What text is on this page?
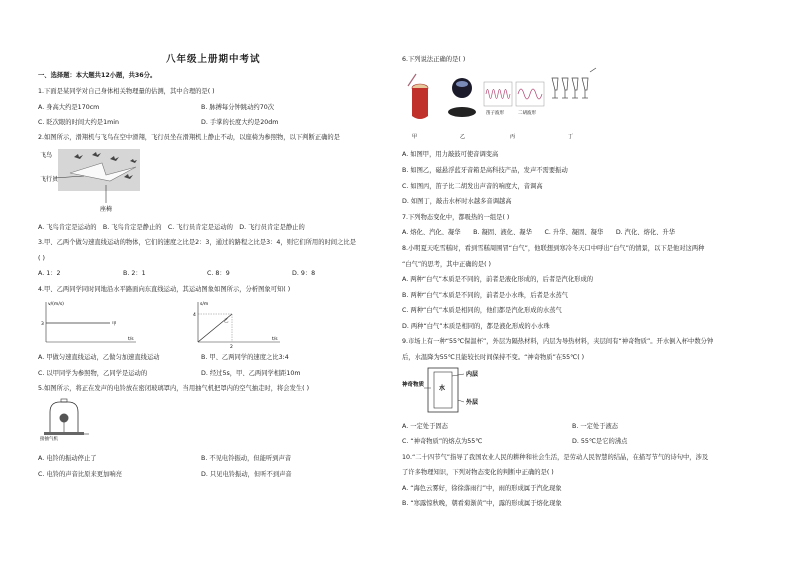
八年级上册期中考试
一、选择题：本大题共12小题，共36分。
1.下面是某同学对自己身体相关物理量的估测，其中合理的是( )
A. 身高大约是170cm	B. 脉搏每分钟跳动约70次
C. 眨次眼的时间大约是1min	D. 手掌的长度大约是20dm
2.如图所示，滑翔机与飞鸟在空中滑翔，飞行员坐在滑翔机上静止不动，以座椅为参照物，以下判断正确的是
飞鸟
飞行员
座椅
A. 飞鸟肯定是运动的　B. 飞鸟肯定是静止的　C. 飞行员肯定是运动的　D. 飞行员肯定是静止的
3.甲、乙两个做匀速直线运动的物体，它们的速度之比是2：3，通过的路程之比是3：4，则它们所用的时间之比是
( )
A. 1：2	B. 2：1	C. 8：9	D. 9：8
4.甲、乙两同学同时同地沿水平路面向东直线运动，其运动图象如图所示，分析图象可知( )
v/(m/s)
3	甲
t/s
s/m
4
乙
2
t/s
A. 甲做匀速直线运动，乙做匀加速直线运动	B. 甲、乙两同学的速度之比3:4
C. 以甲同学为参照物，乙同学是运动的	D. 经过5s，甲、乙两同学相距10m
5.如图所示，将正在发声的电铃放在密闭玻璃罩内，当用抽气机把罩内的空气抽走时，将会发生( )
接抽气机
A. 电铃的振动停止了	B. 不见电铃振动，但能听到声音
C. 电铃的声音比原来更加响亮	D. 只见电铃振动，但听不到声音
6.下列说法正确的是( )
甲	乙
笛子波形	二胡波形
丙	丁
A. 如图甲，用力敲鼓可使音调变高
B. 如图乙，磁悬浮蓝牙音箱是高科技产品，发声不需要振动
C. 如图丙，笛子比二胡发出声音的响度大，音调高
D. 如图丁，敲击水杯时水越多音调越高
7.下列物态变化中，都吸热的一组是( )
A. 熔化、汽化、凝华　　B. 凝固、液化、凝华　　C. 升华、凝固、凝华　　D. 汽化、熔化、升华
8.小明夏天吃雪糕时，看到雪糕周围冒“白气”，他联想到寒冷冬天口中呼出“白气”的情景，以下是他对这两种
“白气”的思考，其中正确的是( )
A. 两种“白气”本质是不同的，前者是液化形成的，后者是汽化形成的
B. 两种“白气”本质是不同的，前者是小水珠，后者是水蒸气
C. 两种“白气”本质是相同的，他们都是汽化形成的水蒸气
D. 两种“白气”本质是相同的，都是液化形成的小水珠
9.市场上有一种“55℃保温杯”，外层为隔热材料，内层为导热材料，夹层间有“神奇物质”。开水倒入杯中数分钟
后，水温降为55℃且能较长时间保持不变。“神奇物质”在55℃( )
神奇物质 水
内层
外层
A. 一定处于固态	B. 一定处于液态
C. “神奇物质”的熔点为55℃	D. 55℃是它的沸点
10.“二十四节气”指导了我国农业人民的耕种和社会生活，是劳动人民智慧的结晶，在描写节气的诗句中，涉及
了许多物理知识，下列对物态变化的判断中正确的是( )
A. “海色云雾好，徐徐落雨行”中，雨的形成属于汽化现象
B. “寒露惊秋晚，朝看菊渐黄”中，露的形成属于熔化现象
